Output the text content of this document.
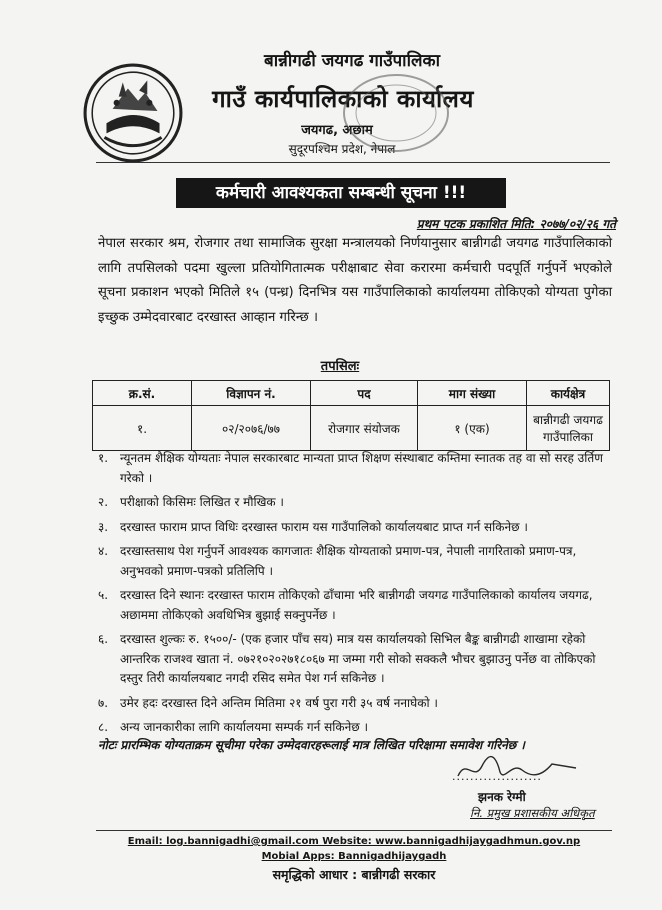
बान्नीगढी जयगढ गाउँपालिका
गाउँ कार्यपालिकाको कार्यालय
जयगढ, अछाम
सुदूरपश्चिम प्रदेश, नेपाल
कर्मचारी आवश्यकता सम्बन्धी सूचना !!!
प्रथम पटक प्रकाशित मिति: २०७७/०२/२६ गते
नेपाल सरकार श्रम, रोजगार तथा सामाजिक सुरक्षा मन्त्रालयको निर्णयानुसार बान्नीगढी जयगढ गाउँपालिकाको लागि तपसिलको पदमा खुल्ला प्रतियोगितात्मक परीक्षाबाट सेवा करारमा कर्मचारी पदपूर्ति गर्नुपर्ने भएकोले सूचना प्रकाशन भएको मितिले १५ (पन्ध्र) दिनभित्र यस गाउँपालिकाको कार्यालयमा तोकिएको योग्यता पुगेका इच्छुक उम्मेदवारबाट दरखास्त आव्हान गरिन्छ ।
तपसिलः
क्र.सं.	विज्ञापन नं.	पद	माग संख्या	कार्यक्षेत्र
१.	०२/२०७६/७७	रोजगार संयोजक	१ (एक)	बान्नीगढी जयगढ गाउँपालिका
१. न्यूनतम शैक्षिक योग्यताः नेपाल सरकारबाट मान्यता प्राप्त शिक्षण संस्थाबाट कम्तिमा स्नातक तह वा सो सरह उर्तिण गरेको ।
२. परीक्षाको किसिमः लिखित र मौखिक ।
३. दरखास्त फाराम प्राप्त विधिः दरखास्त फाराम यस गाउँपालिको कार्यालयबाट प्राप्त गर्न सकिनेछ ।
४. दरखास्तसाथ पेश गर्नुपर्ने आवश्यक कागजातः शैक्षिक योग्यताको प्रमाण-पत्र, नेपाली नागरिताको प्रमाण-पत्र, अनुभवको प्रमाण-पत्रको प्रतिलिपि ।
५. दरखास्त दिने स्थानः दरखास्त फाराम तोकिएको ढाँचामा भरि बान्नीगढी जयगढ गाउँपालिकाको कार्यालय जयगढ, अछाममा तोकिएको अवधिभित्र बुझाई सक्नुपर्नेछ ।
६. दरखास्त शुल्कः रु. १५००/- (एक हजार पाँच सय) मात्र यस कार्यालयको सिभिल बैङ्क बान्नीगढी शाखामा रहेको आन्तरिक राजश्व खाता नं. ०७२१०२०२७१८०६७ मा जम्मा गरी सोको सक्कलै भौचर बुझाउनु पर्नेछ वा तोकिएको दस्तुर तिरी कार्यालयबाट नगदी रसिद समेत पेश गर्न सकिनेछ ।
७. उमेर हदः दरखास्त दिने अन्तिम मितिमा २१ वर्ष पुरा गरी ३५ वर्ष ननाघेको ।
८. अन्य जानकारीका लागि कार्यालयमा सम्पर्क गर्न सकिनेछ ।
नोटः प्रारम्भिक योग्यताक्रम सूचीमा परेका उम्मेदवारहरूलाई मात्र लिखित परिक्षामा समावेश गरिनेछ ।
....................
झनक रेग्मी
नि. प्रमुख प्रशासकीय अधिकृत
Email: log.bannigadhi@gmail.com Website: www.bannigadhijaygadhmun.gov.np
Mobial Apps: Bannigadhijaygadh
समृद्धिको आधार : बान्नीगढी सरकार
